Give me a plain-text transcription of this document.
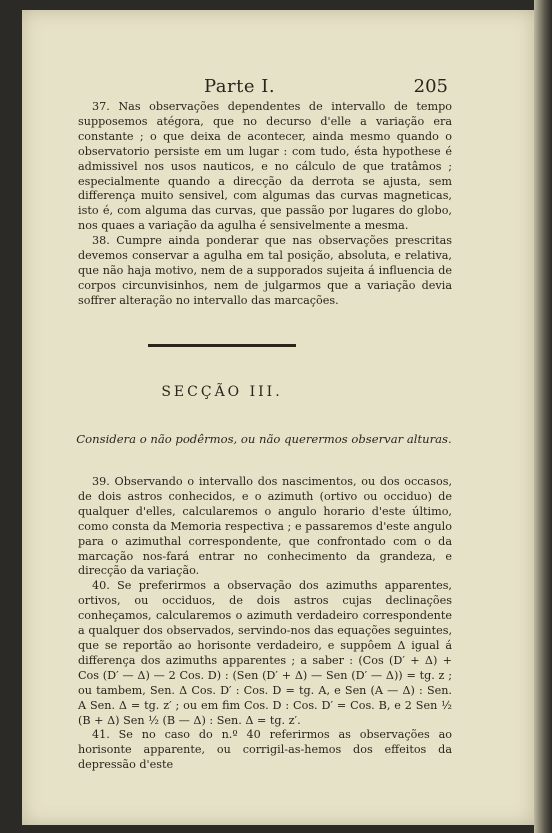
Parte I.	205

37. Nas observações dependentes de intervallo de tempo supposemos atégora, que no decurso d'elle a variação era constante ; o que deixa de acontecer, ainda mesmo quando o observatorio persiste em um lugar : com tudo, ésta hypothese é admissivel nos usos nauticos, e no cálculo de que tratâmos ; especialmente quando a direcção da derrota se ajusta, sem differença muito sensivel, com algumas das curvas magneticas, isto é, com alguma das curvas, que passão por lugares do globo, nos quaes a variação da agulha é sensivelmente a mesma.

38. Cumpre ainda ponderar que nas observações prescritas devemos conservar a agulha em tal posição, absoluta, e relativa, que não haja motivo, nem de a supporados sujeita á influencia de corpos circunvisinhos, nem de julgarmos que a variação devia soffrer alteração no intervallo das marcações.

SECÇÃO III.
Considera o não podêrmos, ou não querermos observar alturas.

39. Observando o intervallo dos nascimentos, ou dos occasos, de dois astros conhecidos, e o azimuth (ortivo ou occiduo) de qualquer d'elles, calcularemos o angulo horario d'este último, como consta da Memoria respectiva ; e passaremos d'este angulo para o azimuthal correspondente, que confrontado com o da marcação nos-fará entrar no conhecimento da grandeza, e direcção da variação.

40. Se preferirmos a observação dos azimuths apparentes, ortivos, ou occiduos, de dois astros cujas declinações conheçamos, calcularemos o azimuth verdadeiro correspondente a qualquer dos observados, servindo-nos das equações seguintes, que se reportão ao horisonte verdadeiro, e suppôem Δ igual á differença dos azimuths apparentes ; a saber : (Cos (D′ + Δ) + Cos (D′ — Δ) — 2 Cos. D) : (Sen (D′ + Δ) — Sen (D′ — Δ)) = tg. z ; ou tambem, Sen. Δ Cos. D′ : Cos. D = tg. A, e Sen (A — Δ) : Sen. A Sen. Δ = tg. z′ ; ou em fim Cos. D : Cos. D′ = Cos. B, e 2 Sen ½ (B + Δ) Sen ½ (B — Δ) : Sen. Δ = tg. z′.

41. Se no caso do n.º 40 referirmos as observações ao horisonte apparente, ou corrigil-as-hemos dos effeitos da depressão d'este
